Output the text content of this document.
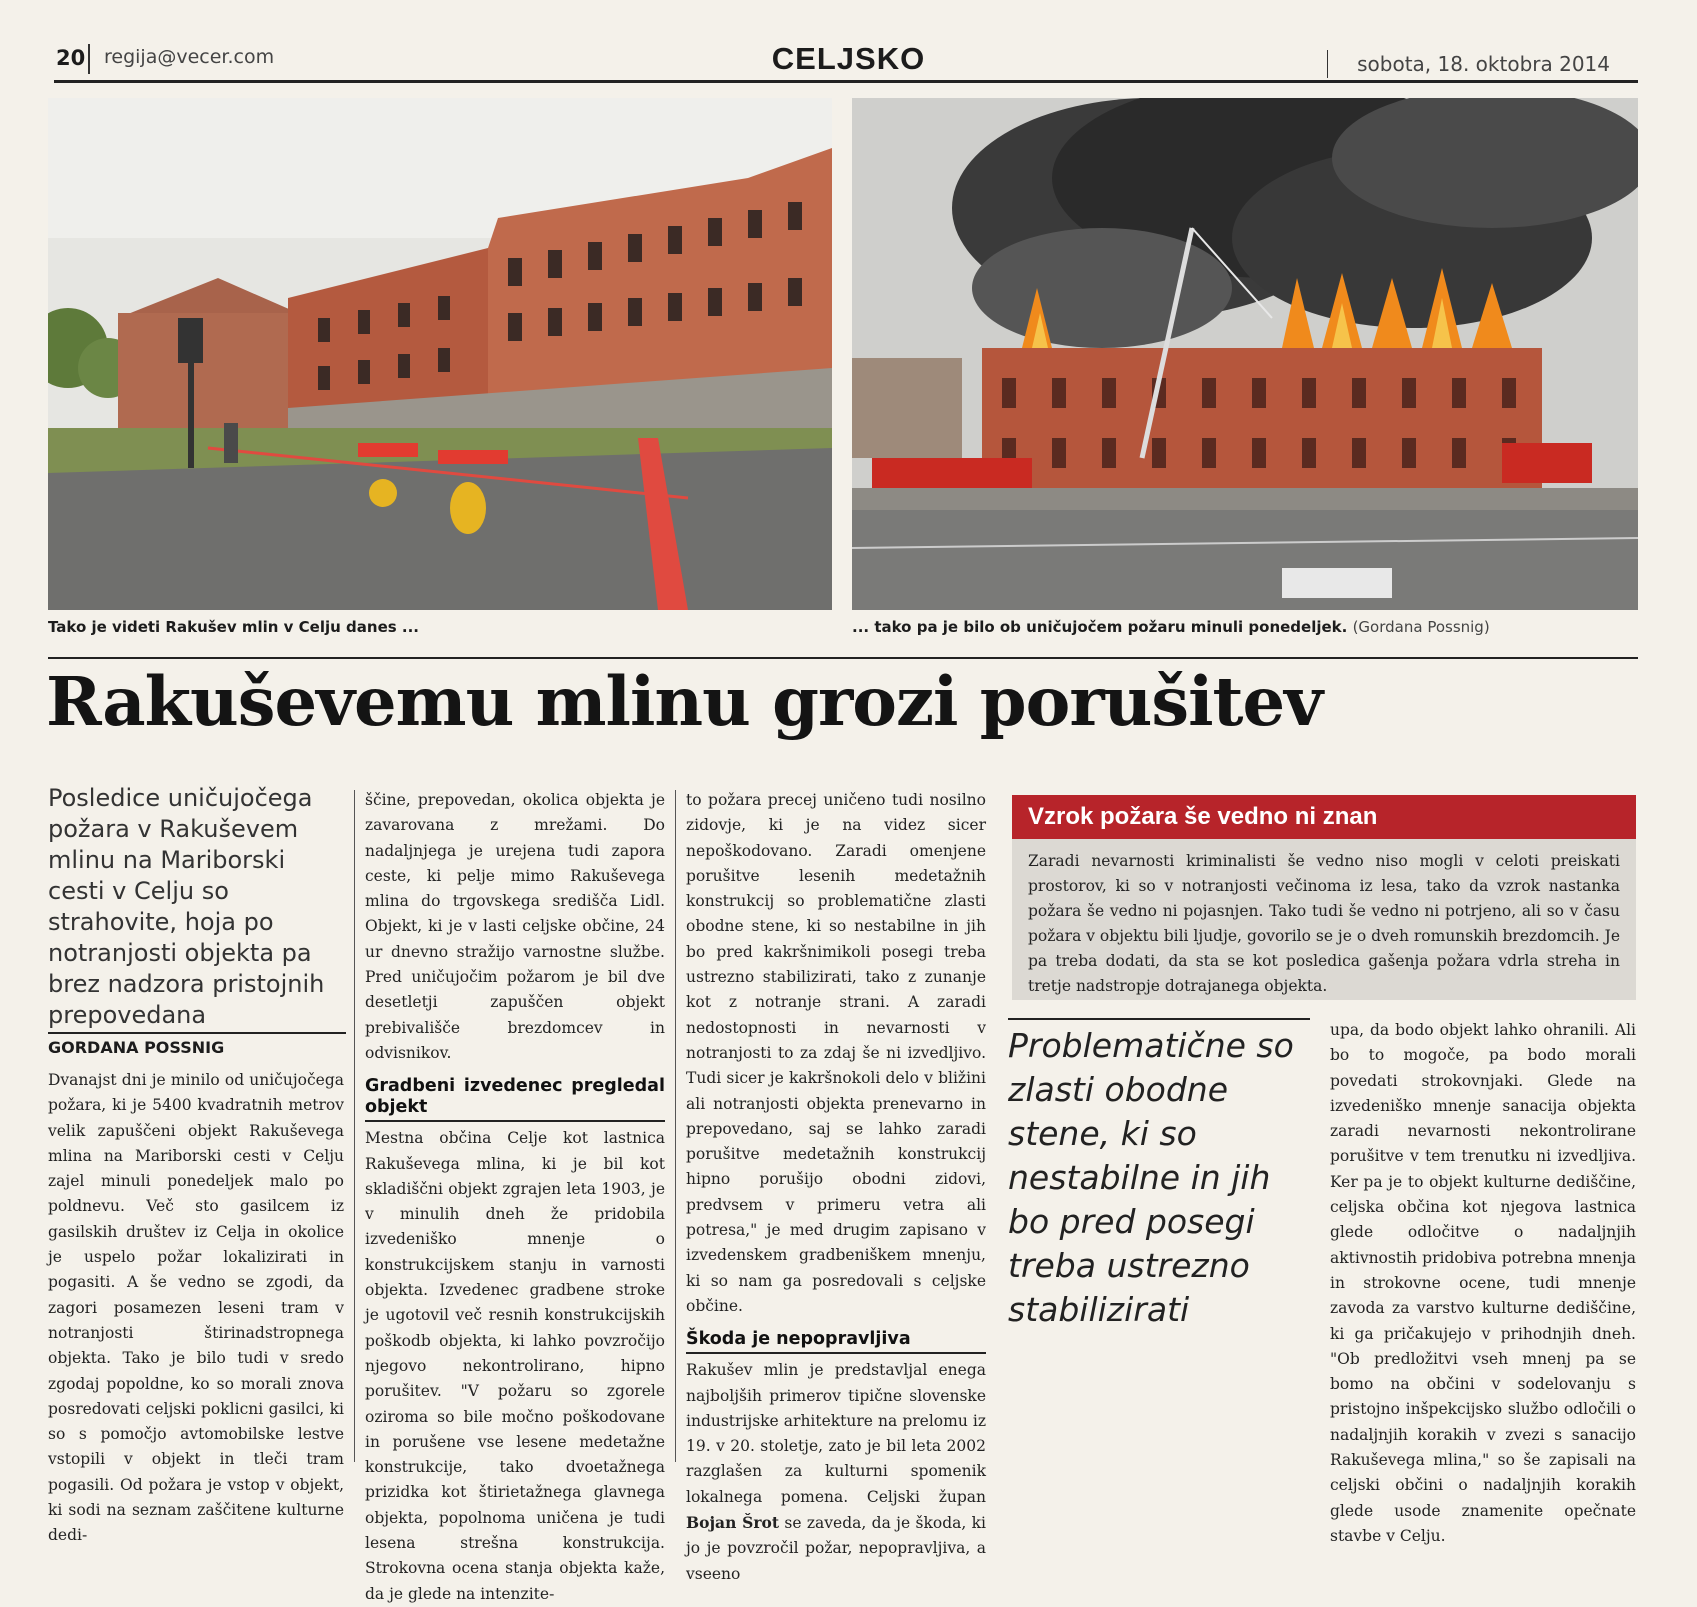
20 regija@vecer.com	CELJSKO	sobota, 18. oktobra 2014
Tako je videti Rakušev mlin v Celju danes ...	... tako pa je bilo ob uničujočem požaru minuli ponedeljek. (Gordana Possnig)
Rakuševemu mlinu grozi porušitev
Posledice uničujočega požara v Rakuševem mlinu na Mariborski cesti v Celju so strahovite, hoja po notranjosti objekta pa brez nadzora pristojnih prepovedana
GORDANA POSSNIG

Dvanajst dni je minilo od uničujočega požara, ki je 5400 kvadratnih metrov velik zapuščeni objekt Rakuševega mlina na Mariborski cesti v Celju zajel minuli ponedeljek malo po poldnevu. Več sto gasilcem iz gasilskih društev iz Celja in okolice je uspelo požar lokalizirati in pogasiti. A še vedno se zgodi, da zagori posamezen leseni tram v notranjosti štirinadstropnega objekta. Tako je bilo tudi v sredo zgodaj popoldne, ko so morali znova posredovati celjski poklicni gasilci, ki so s pomočjo avtomobilske lestve vstopili v objekt in tleči tram pogasili. Od požara je vstop v objekt, ki sodi na seznam zaščitene kulturne dedi-

ščine, prepovedan, okolica objekta je zavarovana z mrežami. Do nadaljnjega je urejena tudi zapora ceste, ki pelje mimo Rakuševega mlina do trgovskega središča Lidl. Objekt, ki je v lasti celjske občine, 24 ur dnevno stražijo varnostne službe. Pred uničujočim požarom je bil dve desetletji zapuščen objekt prebivališče brezdomcev in odvisnikov.

Gradbeni izvedenec pregledal objekt

Mestna občina Celje kot lastnica Rakuševega mlina, ki je bil kot skladiščni objekt zgrajen leta 1903, je v minulih dneh že pridobila izvedeniško mnenje o konstrukcijskem stanju in varnosti objekta. Izvedenec gradbene stroke je ugotovil več resnih konstrukcijskih poškodb objekta, ki lahko povzročijo njegovo nekontrolirano, hipno porušitev. "V požaru so zgorele oziroma so bile močno poškodovane in porušene vse lesene medetažne konstrukcije, tako dvoetažnega prizidka kot štirietažnega glavnega objekta, popolnoma uničena je tudi lesena strešna konstrukcija. Strokovna ocena stanja objekta kaže, da je glede na intenzite-

to požara precej uničeno tudi nosilno zidovje, ki je na videz sicer nepoškodovano. Zaradi omenjene porušitve lesenih medetažnih konstrukcij so problematične zlasti obodne stene, ki so nestabilne in jih bo pred kakršnimikoli posegi treba ustrezno stabilizirati, tako z zunanje kot z notranje strani. A zaradi nedostopnosti in nevarnosti v notranjosti to za zdaj še ni izvedljivo. Tudi sicer je kakršnokoli delo v bližini ali notranjosti objekta prenevarno in prepovedano, saj se lahko zaradi porušitve medetažnih konstrukcij hipno porušijo obodni zidovi, predvsem v primeru vetra ali potresa," je med drugim zapisano v izvedenskem gradbeniškem mnenju, ki so nam ga posredovali s celjske občine.

Škoda je nepopravljiva

Rakušev mlin je predstavljal enega najboljših primerov tipične slovenske industrijske arhitekture na prelomu iz 19. v 20. stoletje, zato je bil leta 2002 razglašen za kulturni spomenik lokalnega pomena. Celjski župan Bojan Šrot se zaveda, da je škoda, ki jo je povzročil požar, nepopravljiva, a vseeno

Vzrok požara še vedno ni znan
Zaradi nevarnosti kriminalisti še vedno niso mogli v celoti preiskati prostorov, ki so v notranjosti večinoma iz lesa, tako da vzrok nastanka požara še vedno ni pojasnjen. Tako tudi še vedno ni potrjeno, ali so v času požara v objektu bili ljudje, govorilo se je o dveh romunskih brezdomcih. Je pa treba dodati, da sta se kot posledica gašenja požara vdrla streha in tretje nadstropje dotrajanega objekta.
Problematične so zlasti obodne stene, ki so nestabilne in jih bo pred posegi treba ustrezno stabilizirati

upa, da bodo objekt lahko ohranili. Ali bo to mogoče, pa bodo morali povedati strokovnjaki. Glede na izvedeniško mnenje sanacija objekta zaradi nevarnosti nekontrolirane porušitve v tem trenutku ni izvedljiva. Ker pa je to objekt kulturne dediščine, celjska občina kot njegova lastnica glede odločitve o nadaljnjih aktivnostih pridobiva potrebna mnenja in strokovne ocene, tudi mnenje zavoda za varstvo kulturne dediščine, ki ga pričakujejo v prihodnjih dneh. "Ob predložitvi vseh mnenj pa se bomo na občini v sodelovanju s pristojno inšpekcijsko službo odločili o nadaljnjih korakih v zvezi s sanacijo Rakuševega mlina," so še zapisali na celjski občini o nadaljnjih korakih glede usode znamenite opečnate stavbe v Celju.
